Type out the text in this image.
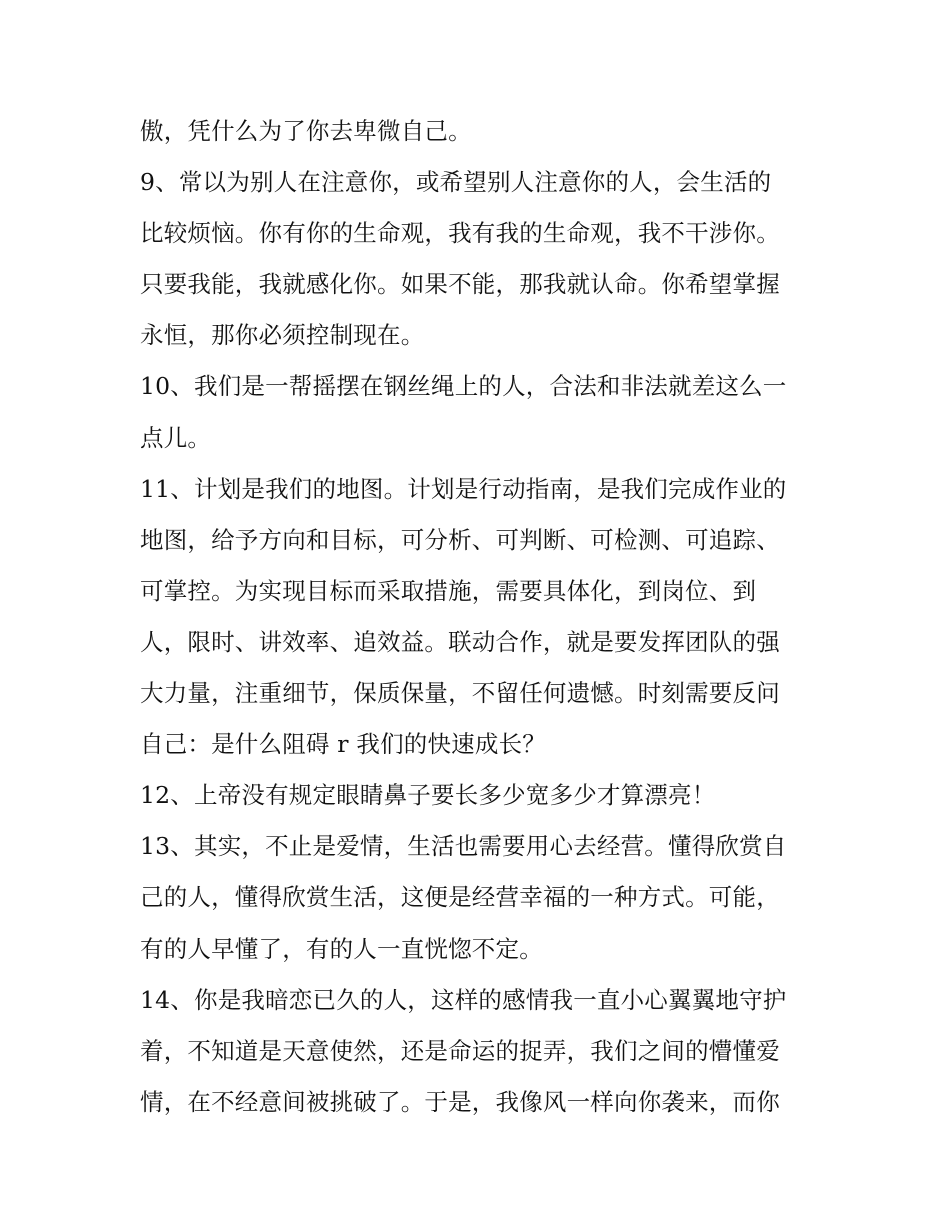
傲，凭什么为了你去卑微自己。
9、常以为别人在注意你，或希望别人注意你的人，会生活的
比较烦恼。你有你的生命观，我有我的生命观，我不干涉你。
只要我能，我就感化你。如果不能，那我就认命。你希望掌握
永恒，那你必须控制现在。
10、我们是一帮摇摆在钢丝绳上的人，合法和非法就差这么一
点儿。
11、计划是我们的地图。计划是行动指南，是我们完成作业的
地图，给予方向和目标，可分析、可判断、可检测、可追踪、
可掌控。为实现目标而采取措施，需要具体化，到岗位、到
人，限时、讲效率、追效益。联动合作，就是要发挥团队的强
大力量，注重细节，保质保量，不留任何遗憾。时刻需要反问
自己：是什么阻碍 r 我们的快速成长？
12、上帝没有规定眼睛鼻子要长多少宽多少才算漂亮！
13、其实，不止是爱情，生活也需要用心去经营。懂得欣赏自
己的人，懂得欣赏生活，这便是经营幸福的一种方式。可能，
有的人早懂了，有的人一直恍惚不定。
14、你是我暗恋已久的人，这样的感情我一直小心翼翼地守护
着，不知道是天意使然，还是命运的捉弄，我们之间的懵懂爱
情，在不经意间被挑破了。于是，我像风一样向你袭来，而你
